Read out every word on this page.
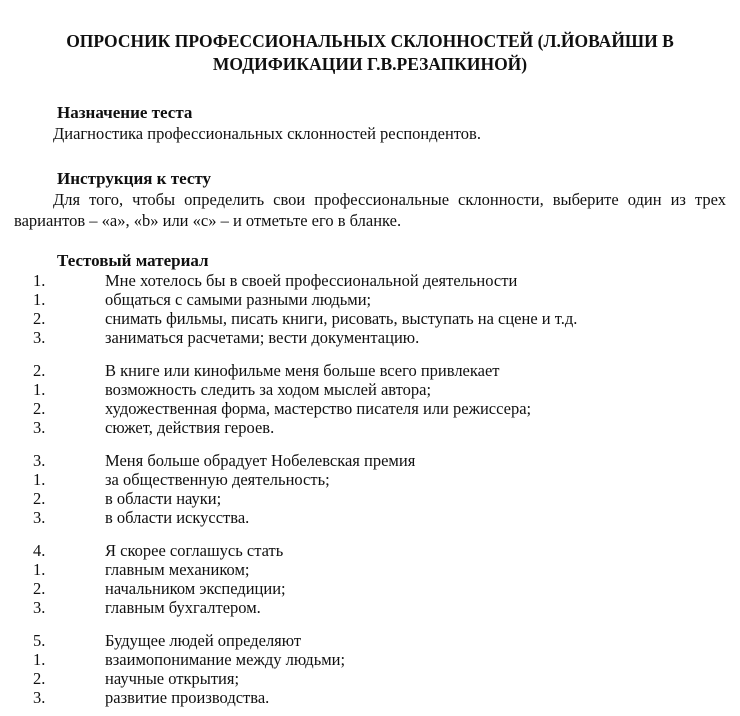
ОПРОСНИК ПРОФЕССИОНАЛЬНЫХ СКЛОННОСТЕЙ (Л.ЙОВАЙШИ В МОДИФИКАЦИИ Г.В.РЕЗАПКИНОЙ)
Назначение теста

Диагностика профессиональных склонностей респондентов.

Инструкция к тесту

Для того, чтобы определить свои профессиональные склонности, выберите один из трех вариантов – «а», «b» или «с» – и отметьте его в бланке.

Тестовый материал
1.	Мне хотелось бы в своей профессиональной деятельности
1.	общаться с самыми разными людьми;
2.	снимать фильмы, писать книги, рисовать, выступать на сцене и т.д.
3.	заниматься расчетами; вести документацию.
2.	В книге или кинофильме меня больше всего привлекает
1.	возможность следить за ходом мыслей автора;
2.	художественная форма, мастерство писателя или режиссера;
3.	сюжет, действия героев.
3.	Меня больше обрадует Нобелевская премия
1.	за общественную деятельность;
2.	в области науки;
3.	в области искусства.
4.	Я скорее соглашусь стать
1.	главным механиком;
2.	начальником экспедиции;
3.	главным бухгалтером.
5.	Будущее людей определяют
1.	взаимопонимание между людьми;
2.	научные открытия;
3.	развитие производства.
